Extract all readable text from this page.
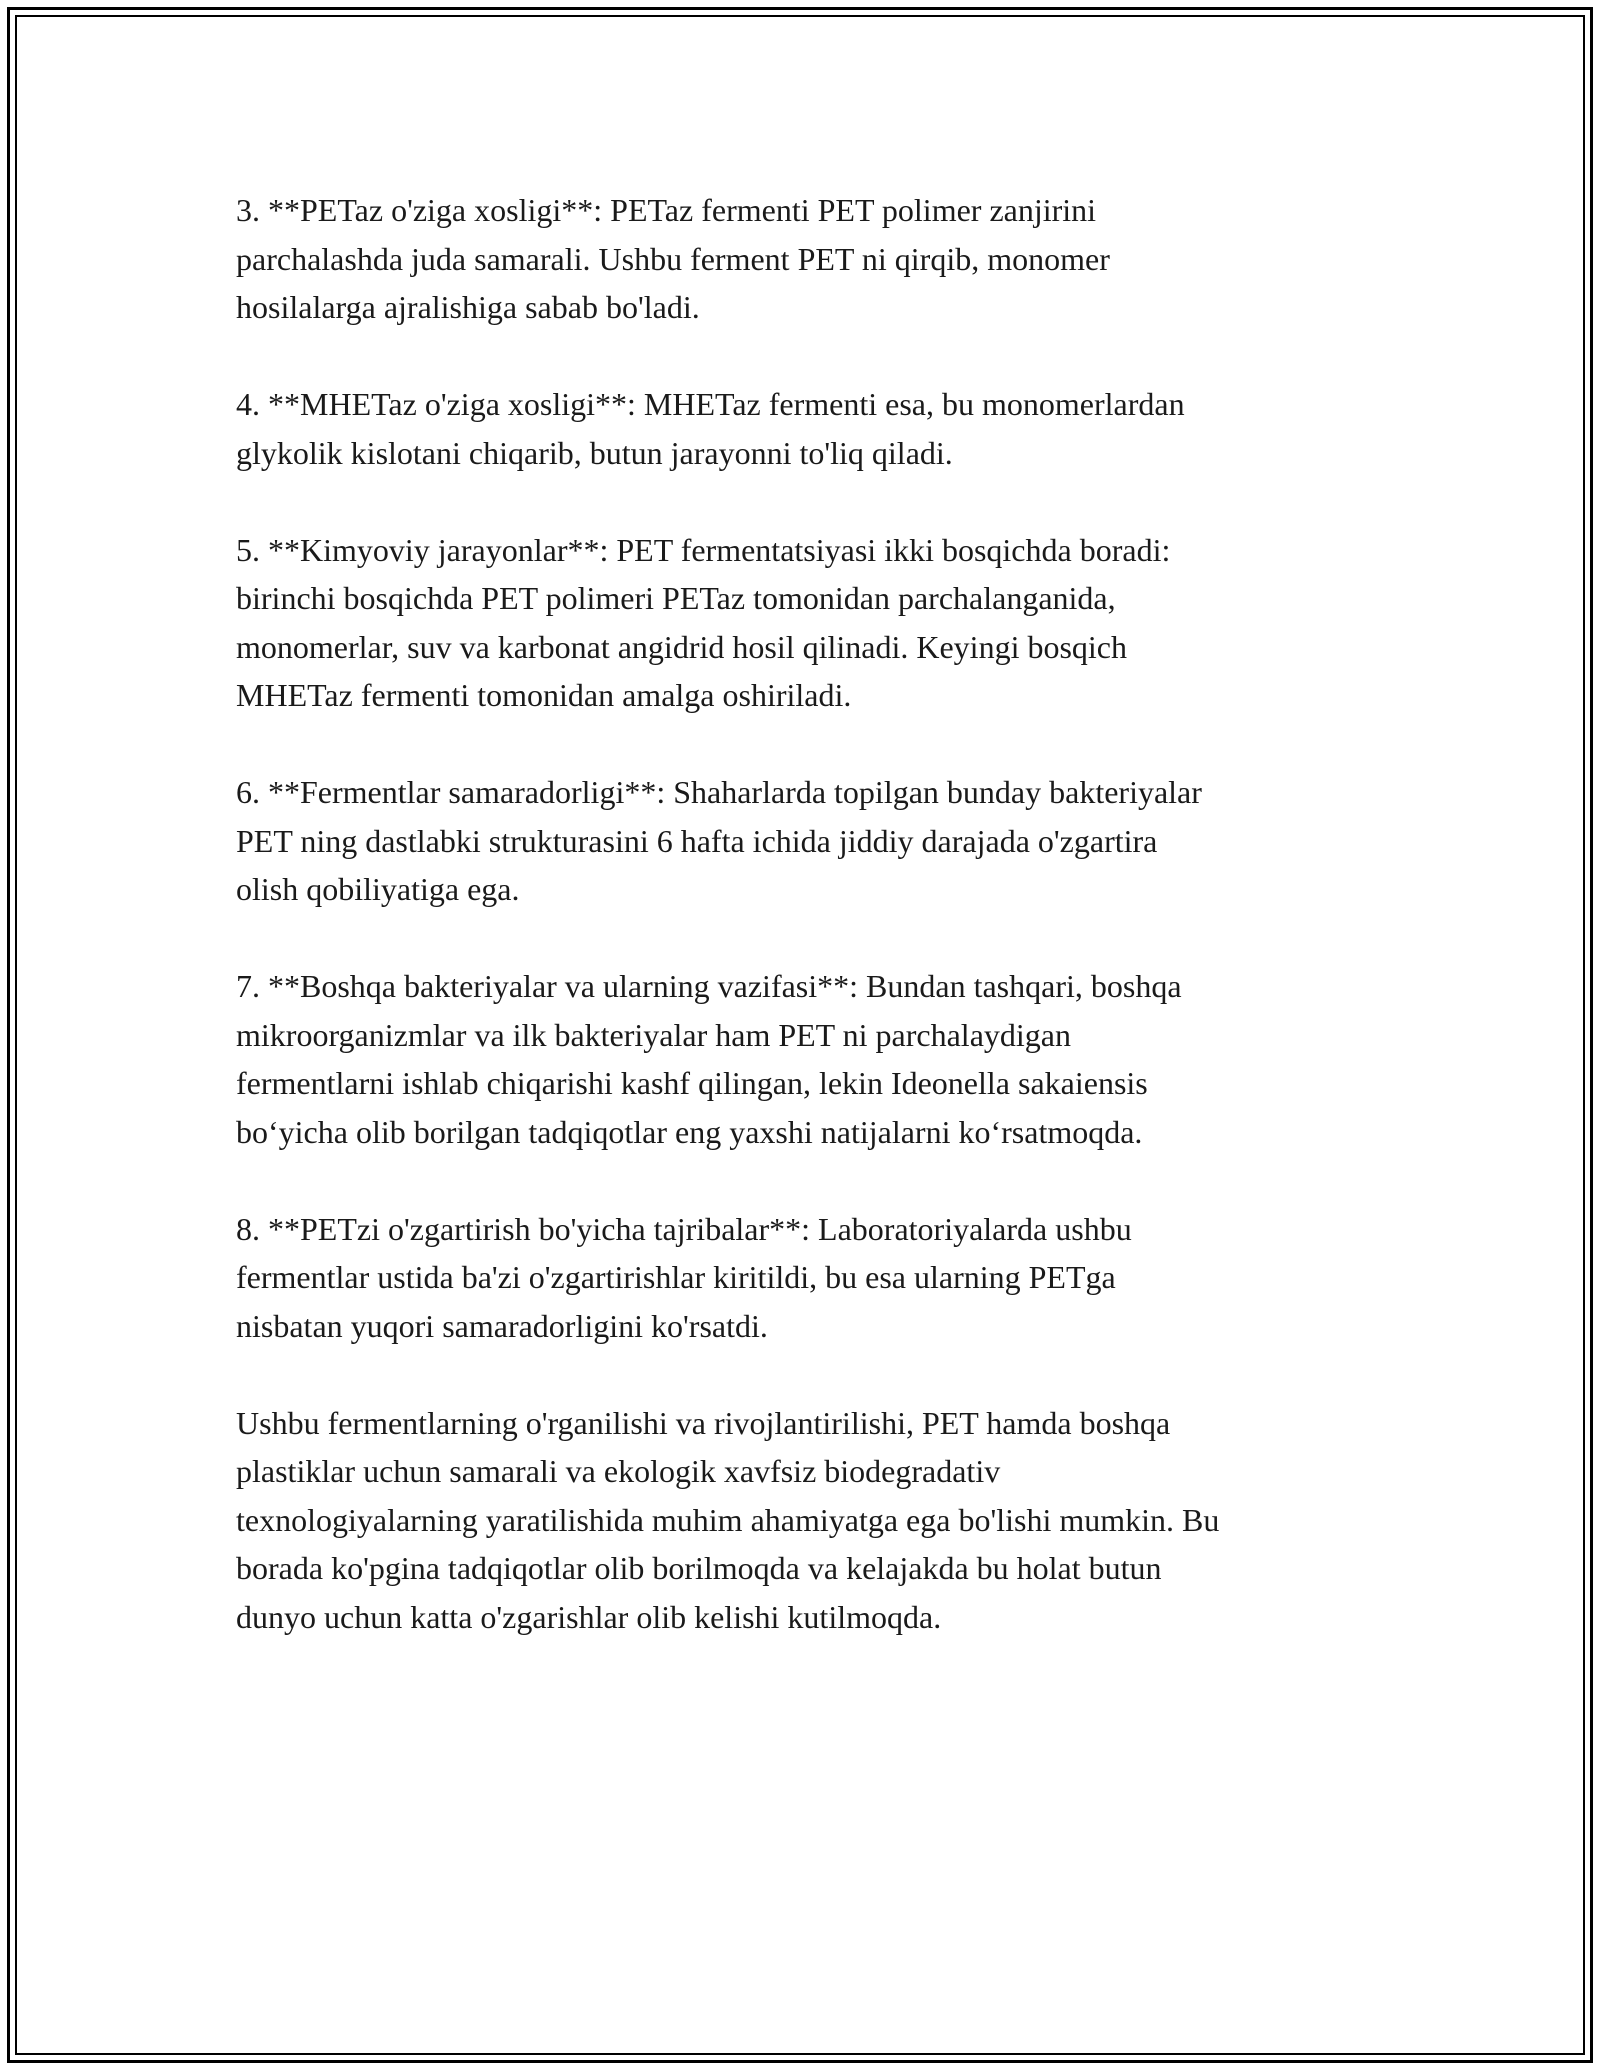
3. **PETaz o'ziga xosligi**: PETaz fermenti PET polimer zanjirini
parchalashda juda samarali. Ushbu ferment PET ni qirqib, monomer
hosilalarga ajralishiga sabab bo'ladi.

4. **MHETaz o'ziga xosligi**: MHETaz fermenti esa, bu monomerlardan
glykolik kislotani chiqarib, butun jarayonni to'liq qiladi.

5. **Kimyoviy jarayonlar**: PET fermentatsiyasi ikki bosqichda boradi:
birinchi bosqichda PET polimeri PETaz tomonidan parchalanganida,
monomerlar, suv va karbonat angidrid hosil qilinadi. Keyingi bosqich
MHETaz fermenti tomonidan amalga oshiriladi.

6. **Fermentlar samaradorligi**: Shaharlarda topilgan bunday bakteriyalar
PET ning dastlabki strukturasini 6 hafta ichida jiddiy darajada o'zgartira
olish qobiliyatiga ega.

7. **Boshqa bakteriyalar va ularning vazifasi**: Bundan tashqari, boshqa
mikroorganizmlar va ilk bakteriyalar ham PET ni parchalaydigan
fermentlarni ishlab chiqarishi kashf qilingan, lekin Ideonella sakaiensis
bo‘yicha olib borilgan tadqiqotlar eng yaxshi natijalarni ko‘rsatmoqda.

8. **PETzi o'zgartirish bo'yicha tajribalar**: Laboratoriyalarda ushbu
fermentlar ustida ba'zi o'zgartirishlar kiritildi, bu esa ularning PETga
nisbatan yuqori samaradorligini ko'rsatdi.

Ushbu fermentlarning o'rganilishi va rivojlantirilishi, PET hamda boshqa
plastiklar uchun samarali va ekologik xavfsiz biodegradativ
texnologiyalarning yaratilishida muhim ahamiyatga ega bo'lishi mumkin. Bu
borada ko'pgina tadqiqotlar olib borilmoqda va kelajakda bu holat butun
dunyo uchun katta o'zgarishlar olib kelishi kutilmoqda.
